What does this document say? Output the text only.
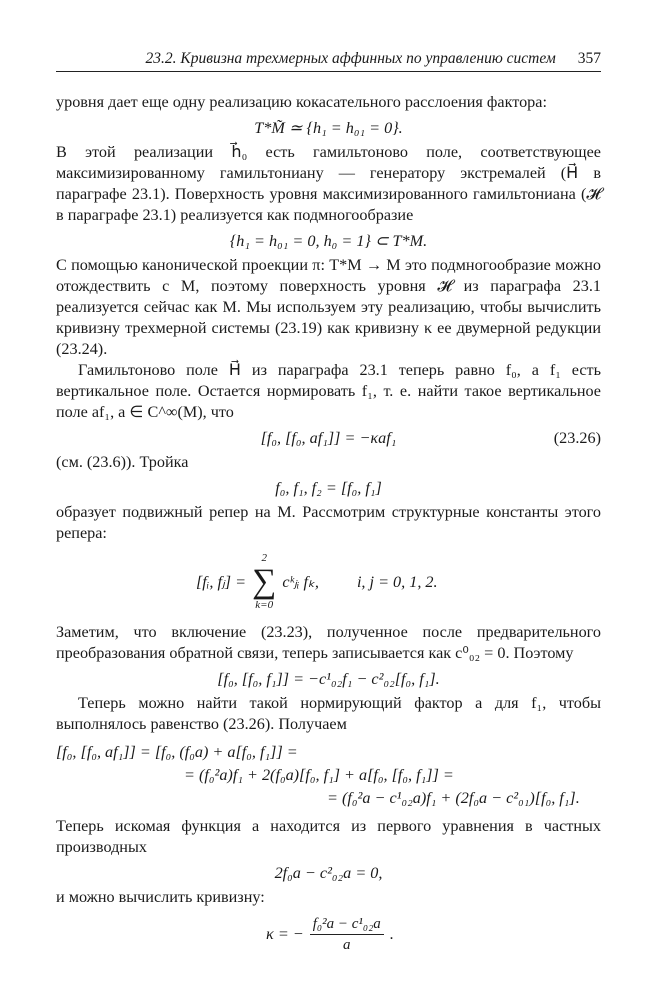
23.2. Кривизна трехмерных аффинных по управлению систем 357

уровня дает еще одну реализацию кокасательного расслоения фактора:

T*M̃ ≃ {h₁ = h₀₁ = 0}.

В этой реализации h⃗₀ есть гамильтоново поле, соответствующее максимизированному гамильтониану — генератору экстремалей (H⃗ в параграфе 23.1). Поверхность уровня максимизированного гамильтониана (𝓗 в параграфе 23.1) реализуется как подмногообразие

{h₁ = h₀₁ = 0, h₀ = 1} ⊂ T*M.

С помощью канонической проекции π: T*M → M это подмногообразие можно отождествить с M, поэтому поверхность уровня 𝓗 из параграфа 23.1 реализуется сейчас как M. Мы используем эту реализацию, чтобы вычислить кривизну трехмерной системы (23.19) как кривизну κ ее двумерной редукции (23.24).

Гамильтоново поле H⃗ из параграфа 23.1 теперь равно f₀, а f₁ есть вертикальное поле. Остается нормировать f₁, т. е. найти такое вертикальное поле af₁, a ∈ C^∞(M), что

[f₀, [f₀, af₁]] = −κaf₁	(23.26)

(см. (23.6)). Тройка

f₀, f₁, f₂ = [f₀, f₁]

образует подвижный репер на M. Рассмотрим структурные константы этого репера:

[fᵢ, fⱼ] =
2
∑
k=0
cᵏⱼᵢ fₖ, i, j = 0, 1, 2.

Заметим, что включение (23.23), полученное после предварительного преобразования обратной связи, теперь записывается как c⁰₀₂ = 0. Поэтому

[f₀, [f₀, f₁]] = −c¹₀₂f₁ − c²₀₂[f₀, f₁].

Теперь можно найти такой нормирующий фактор a для f₁, чтобы выполнялось равенство (23.26). Получаем

[f₀, [f₀, af₁]] = [f₀, (f₀a) + a[f₀, f₁]] =
= (f₀²a)f₁ + 2(f₀a)[f₀, f₁] + a[f₀, [f₀, f₁]] =
= (f₀²a − c¹₀₂a)f₁ + (2f₀a − c²₀₁)[f₀, f₁].

Теперь искомая функция a находится из первого уравнения в частных производных

2f₀a − c²₀₂a = 0,

и можно вычислить кривизну:

κ = − $\frac{\text{f₀²a − c¹₀₂a}}{a}$ .
